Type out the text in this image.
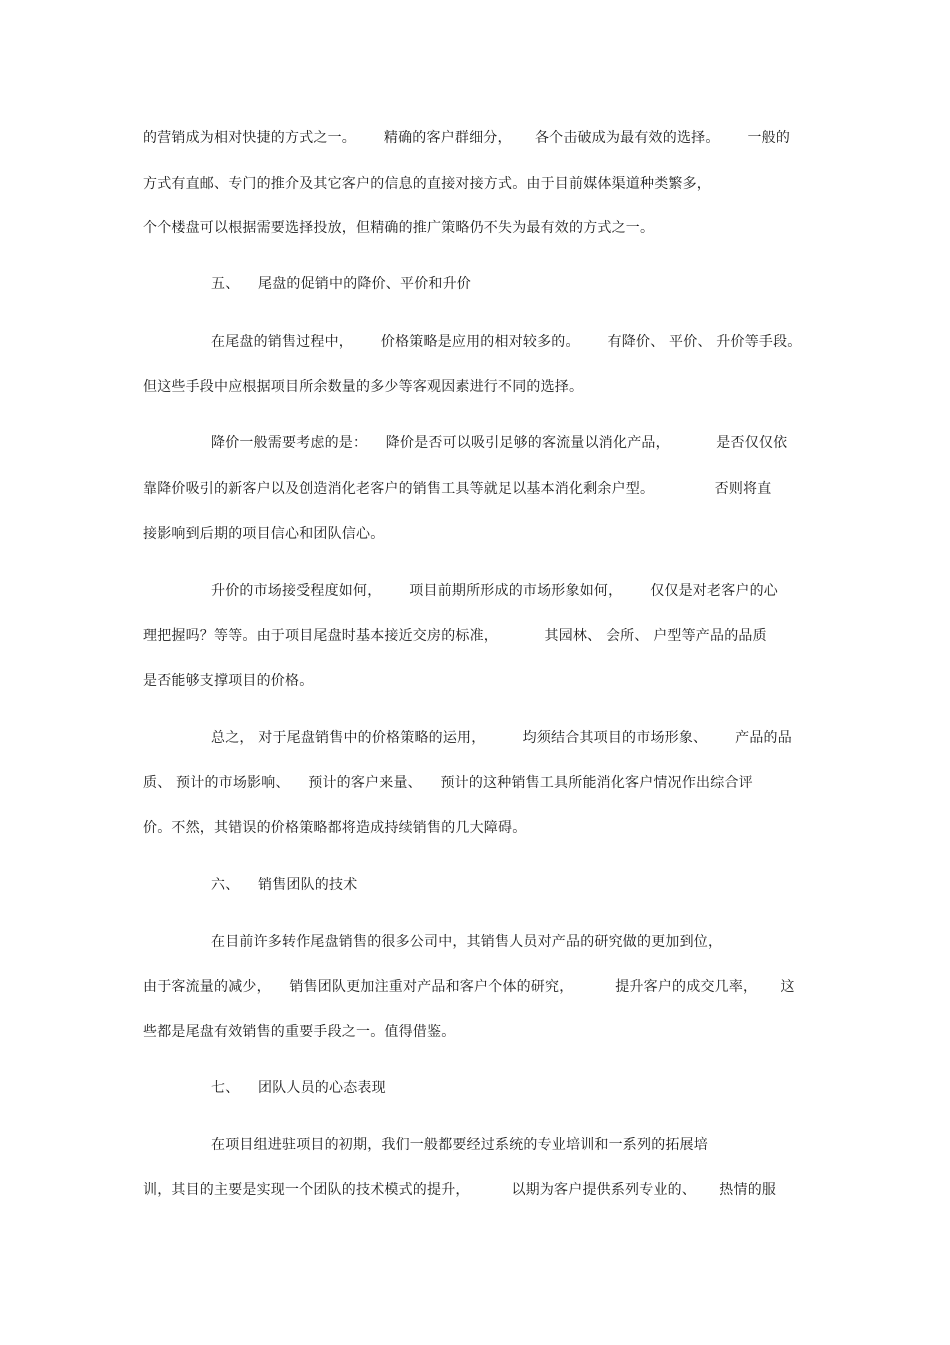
的营销成为相对快捷的方式之一。      精确的客户群细分，     各个击破成为最有效的选择。      一般的
方式有直邮、专门的推介及其它客户的信息的直接对接方式。由于目前媒体渠道种类繁多，
个个楼盘可以根据需要选择投放，但精确的推广策略仍不失为最有效的方式之一。
五、    尾盘的促销中的降价、平价和升价
在尾盘的销售过程中，      价格策略是应用的相对较多的。      有降价、 平价、 升价等手段。
但这些手段中应根据项目所余数量的多少等客观因素进行不同的选择。
降价一般需要考虑的是：    降价是否可以吸引足够的客流量以消化产品，          是否仅仅依
靠降价吸引的新客户以及创造消化老客户的销售工具等就足以基本消化剩余户型。             否则将直
接影响到后期的项目信心和团队信心。
升价的市场接受程度如何，      项目前期所形成的市场形象如何，      仅仅是对老客户的心
理把握吗？等等。由于项目尾盘时基本接近交房的标准，          其园林、 会所、 户型等产品的品质
是否能够支撑项目的价格。
总之， 对于尾盘销售中的价格策略的运用，        均须结合其项目的市场形象、      产品的品
质、 预计的市场影响、    预计的客户来量、    预计的这种销售工具所能消化客户情况作出综合评
价。不然，其错误的价格策略都将造成持续销售的几大障碍。
六、    销售团队的技术
在目前许多转作尾盘销售的很多公司中，其销售人员对产品的研究做的更加到位，
由于客流量的减少，    销售团队更加注重对产品和客户个体的研究，         提升客户的成交几率，     这
些都是尾盘有效销售的重要手段之一。值得借鉴。
七、    团队人员的心态表现
在项目组进驻项目的初期，我们一般都要经过系统的专业培训和一系列的拓展培
训，其目的主要是实现一个团队的技术模式的提升，         以期为客户提供系列专业的、     热情的服
